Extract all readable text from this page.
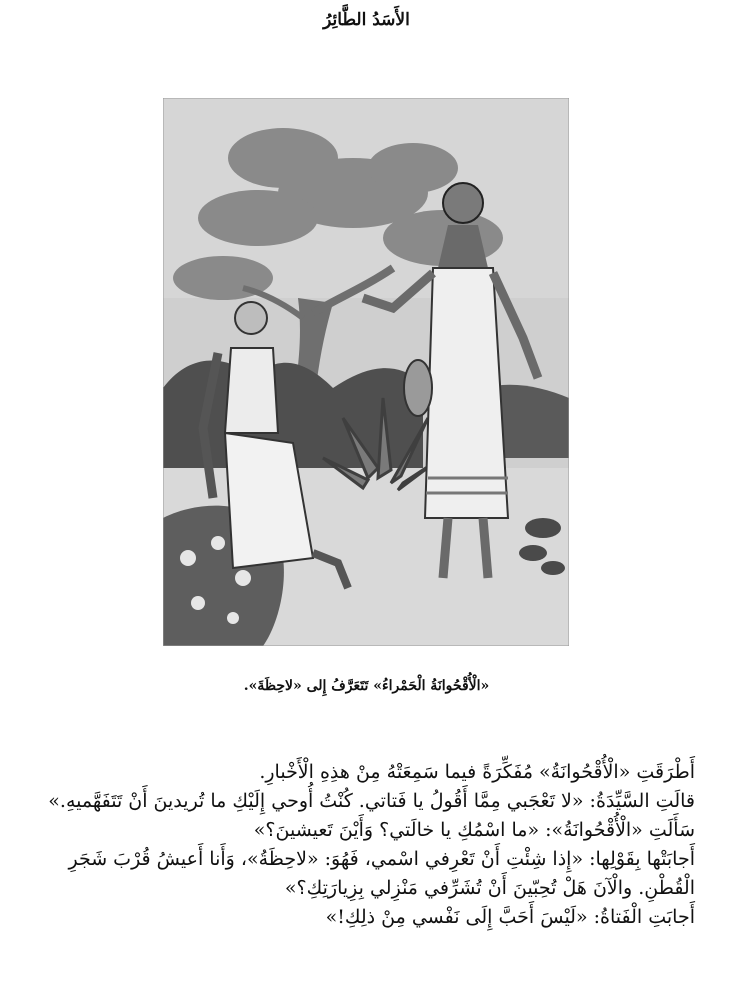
الأَسَدُ الطَّائِرُ
«الْأُقْحُوانَةُ الْحَمْراءُ» تَتَعَرَّفُ إِلى «لاحِظَةَ».

أَطْرَقَتِ «الْأُقْحُوانَةُ» مُفَكِّرَةً فيما سَمِعَتْهُ مِنْ هذِهِ الْأَخْبارِ.

قالَتِ السَّيِّدَةُ: «لا تَعْجَبي مِمَّا أَقُولُ يا فَتاتي. كُنْتُ أُوحي إِلَيْكِ ما تُريدينَ أَنْ تَتَفَهَّميهِ.»

سَأَلَتِ «الْأُقْحُوانَةُ»: «ما اسْمُكِ يا خالَتي؟ وَأَيْنَ تَعيشينَ؟»

أَجابَتْها بِقَوْلِها: «إِذا شِئْتِ أَنْ تَعْرِفي اسْمي، فَهُوَ: «لاحِظَةُ»، وَأَنا أَعيشُ قُرْبَ شَجَرِ الْقُطْنِ. والْآنَ هَلْ تُحِبّينَ أَنْ تُشَرِّفي مَنْزِلي بِزِيارَتِكِ؟»

أَجابَتِ الْفَتاةُ: «لَيْسَ أَحَبَّ إِلَى نَفْسي مِنْ ذلِكِ!»
